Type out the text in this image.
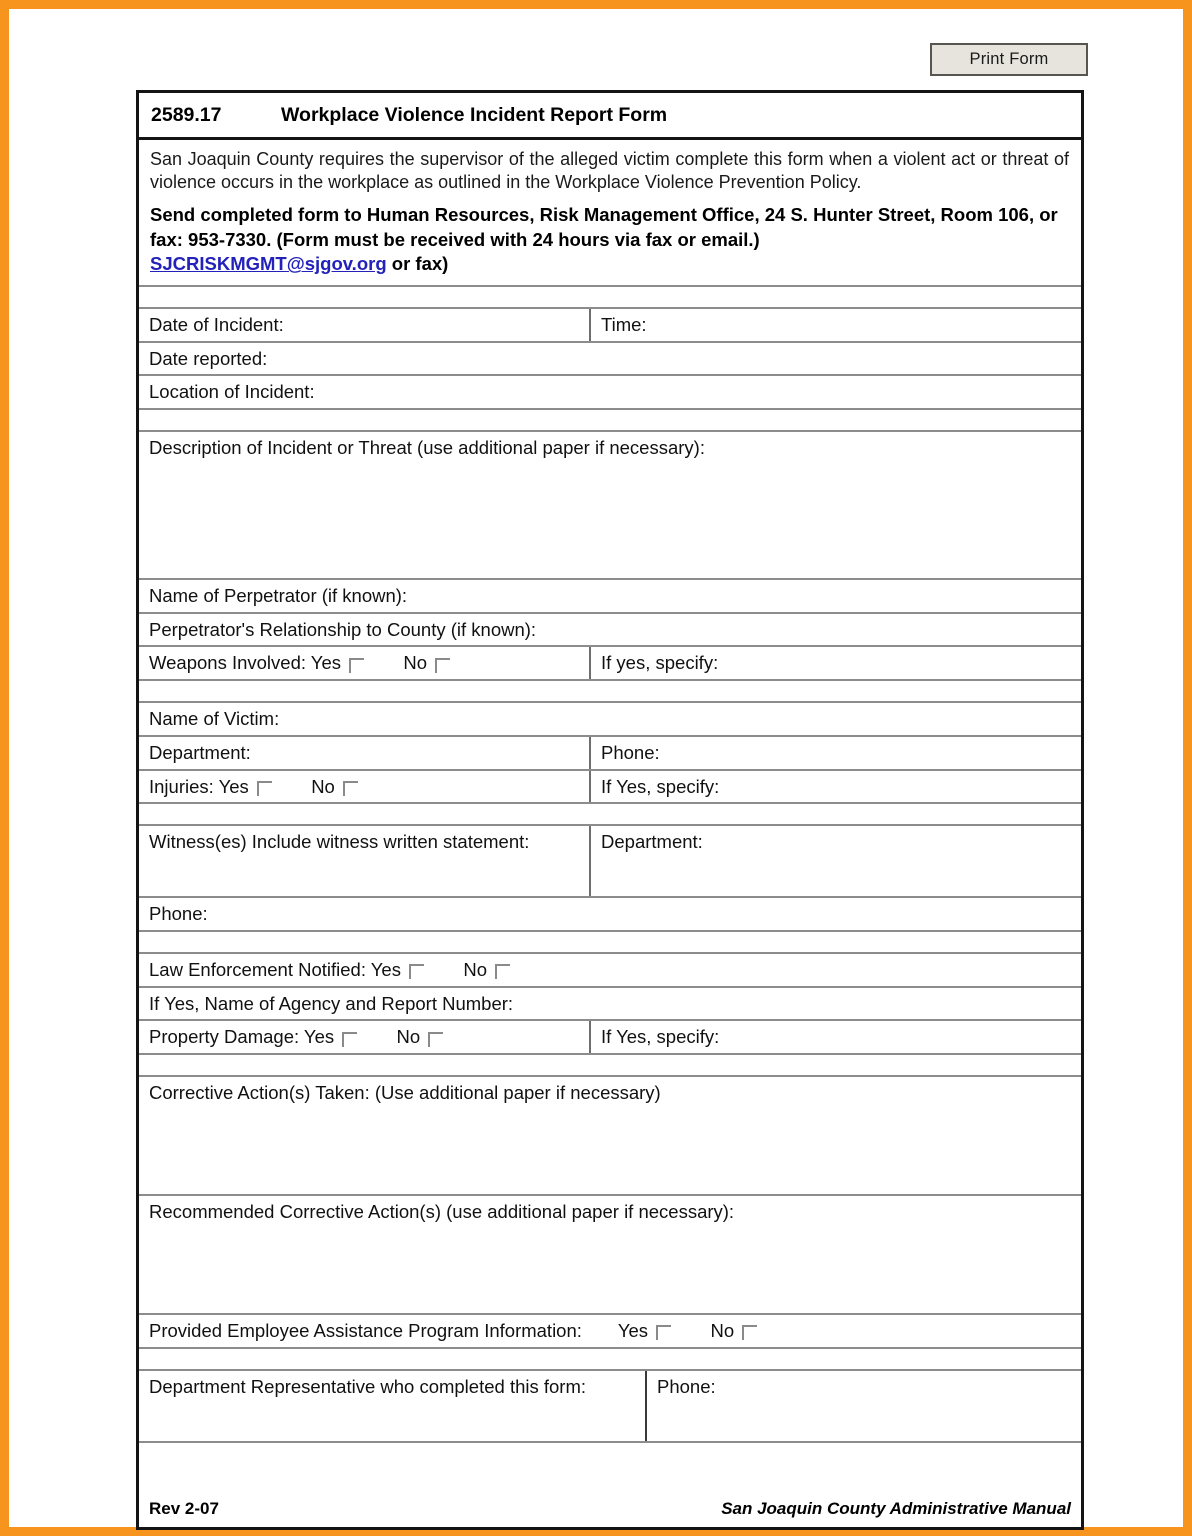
Print Form
2589.17	Workplace Violence Incident Report Form

San Joaquin County requires the supervisor of the alleged victim complete this form when a violent act or threat of violence occurs in the workplace as outlined in the Workplace Violence Prevention Policy.

Send completed form to Human Resources, Risk Management Office, 24 S. Hunter Street, Room 106, or fax: 953-7330. (Form must be received with 24 hours via fax or email.)
SJCRISKMGMT@sjgov.org or fax)

Date of Incident:	Time:
Date reported:
Location of Incident:
Description of Incident or Threat (use additional paper if necessary):
Name of Perpetrator (if known):
Perpetrator's Relationship to County (if known):
Weapons Involved: Yes	No	If yes, specify:
Name of Victim:
Department:	Phone:
Injuries: Yes	No	If Yes, specify:
Witness(es) Include witness written statement:	Department:
Phone:
Law Enforcement Notified: Yes	No
If Yes, Name of Agency and Report Number:
Property Damage: Yes	No	If Yes, specify:
Corrective Action(s) Taken: (Use additional paper if necessary)
Recommended Corrective Action(s) (use additional paper if necessary):
Provided Employee Assistance Program Information: Yes	No
Department Representative who completed this form:	Phone:
Rev 2-07	San Joaquin County Administrative Manual
